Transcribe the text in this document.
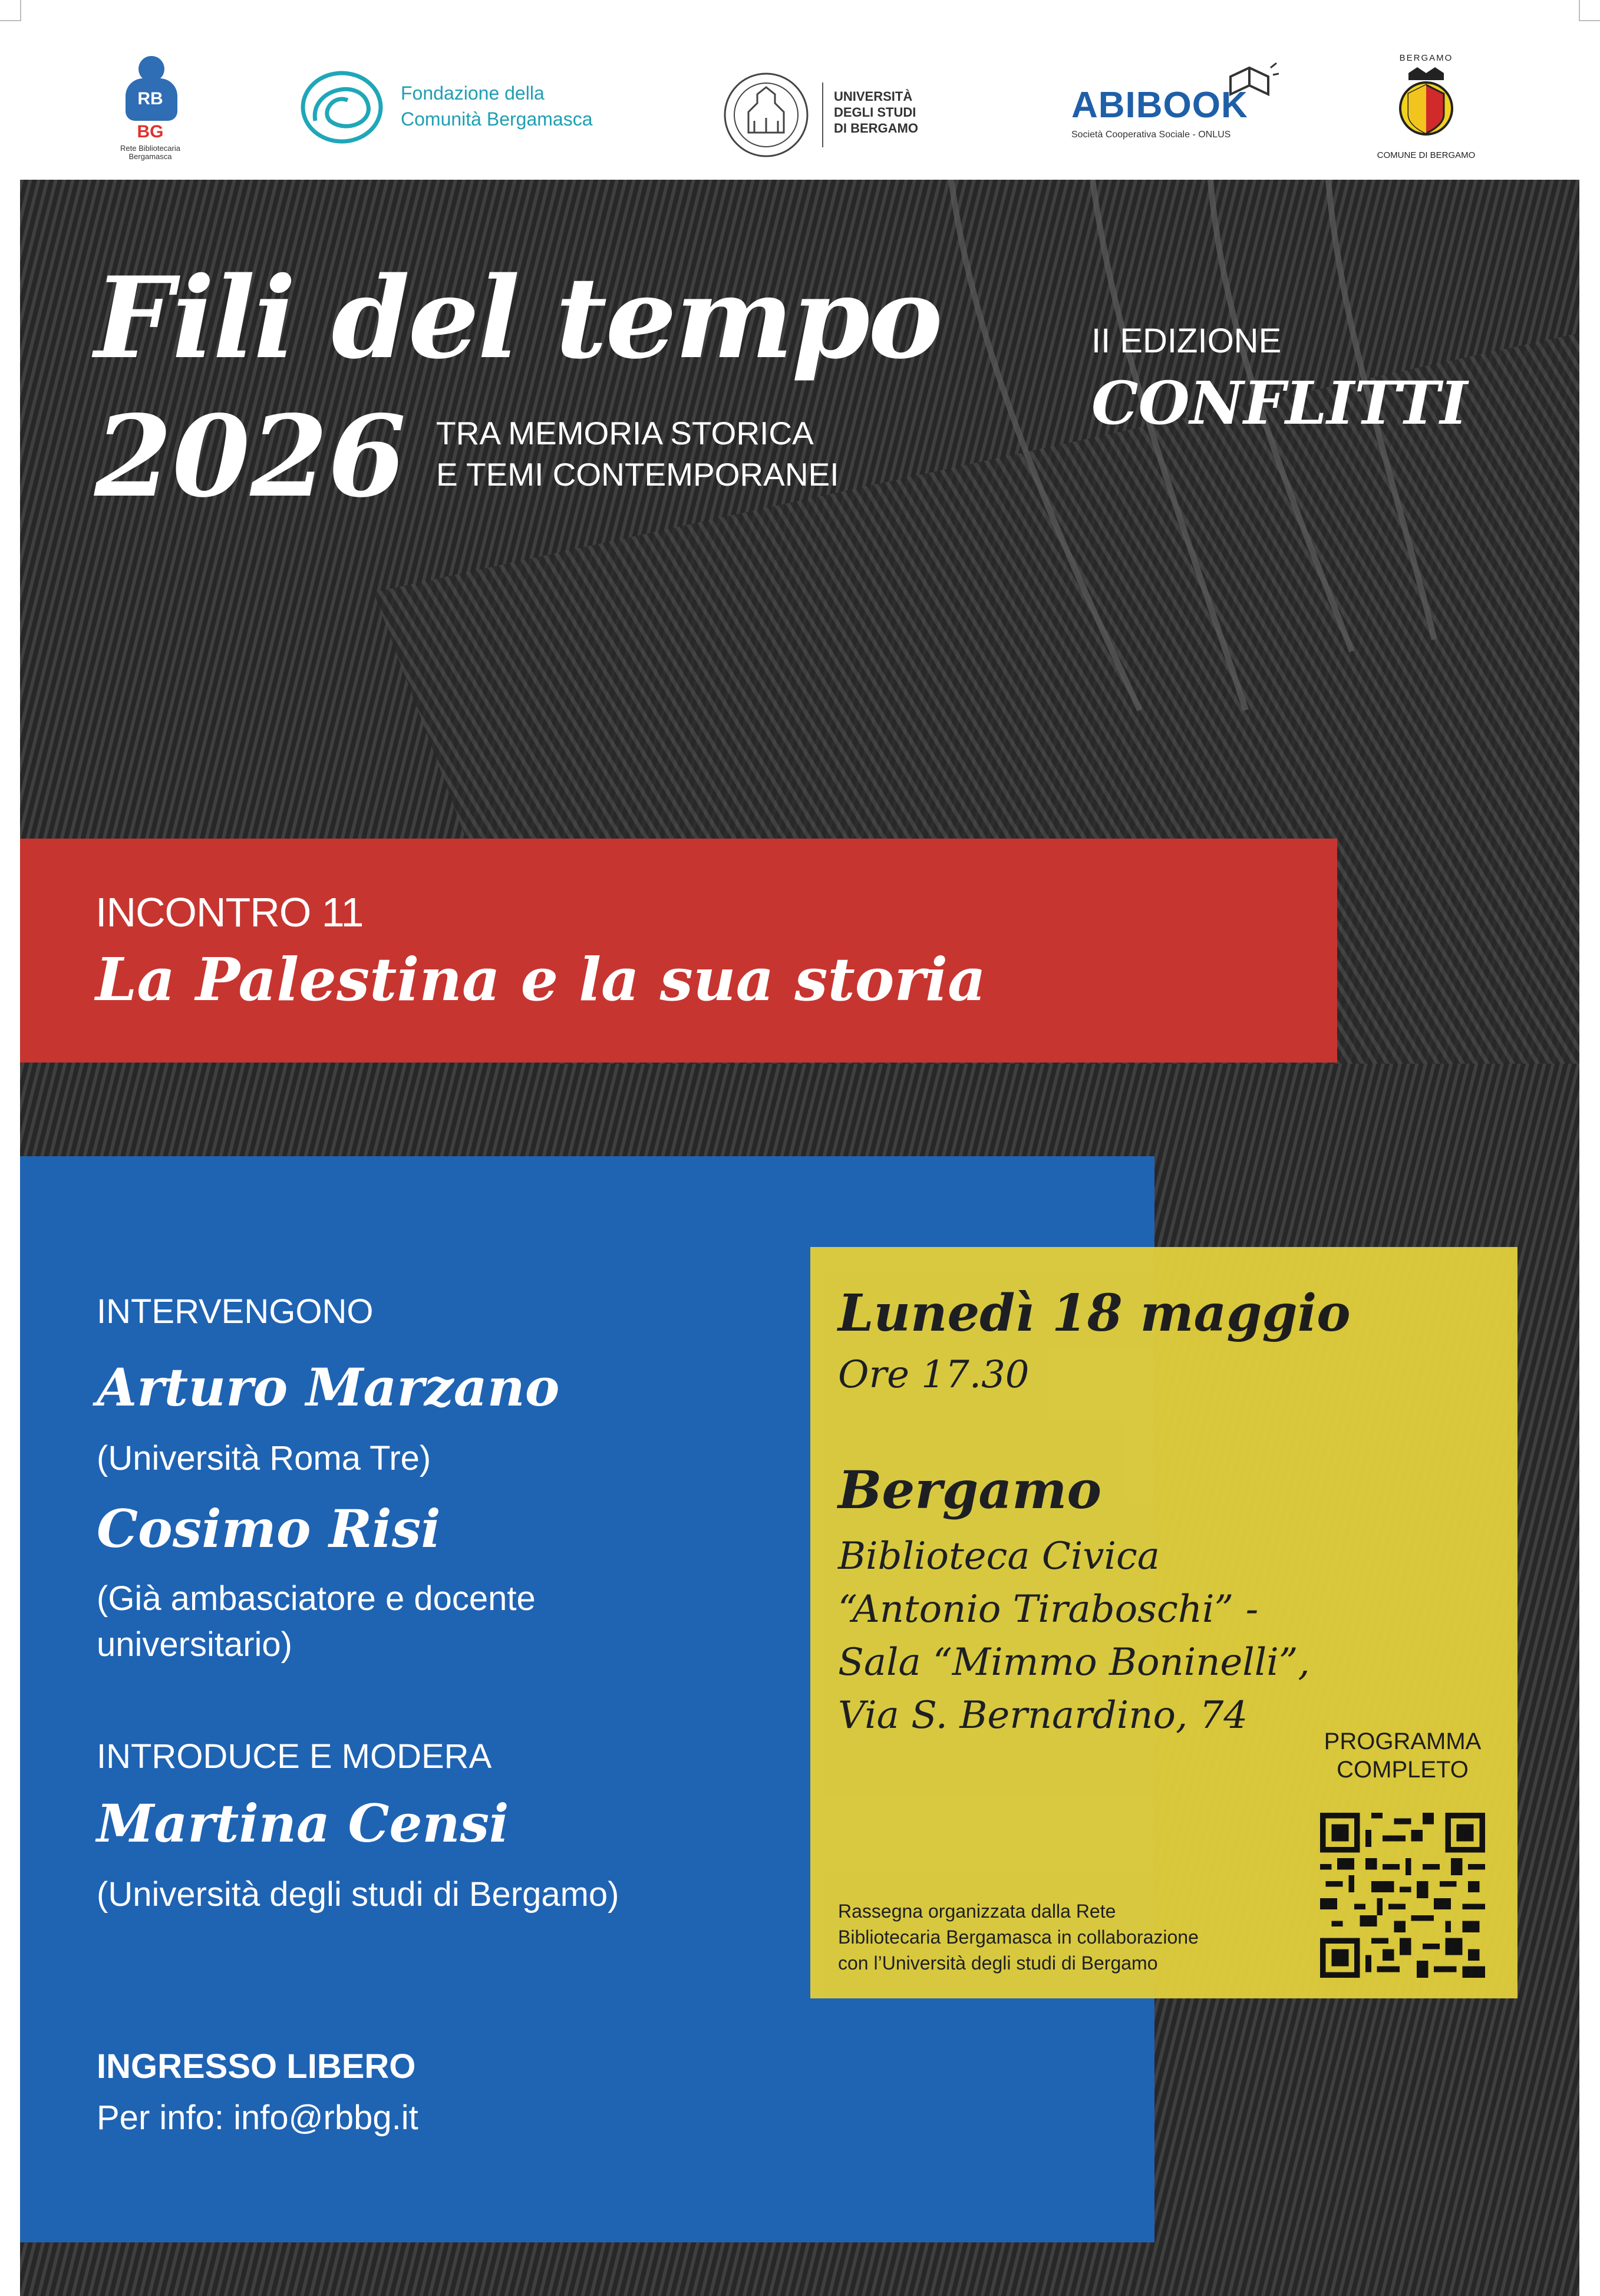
RB
BG
Rete Bibliotecaria Bergamasca
Fondazione della
Comunità Bergamasca
UNIVERSITÀ
DEGLI STUDI
DI BERGAMO
ABIBOOK
Società Cooperativa Sociale - ONLUS
BERGAMO
COMUNE DI BERGAMO
Fili del tempo
2026 TRA MEMORIA STORICA
E TEMI CONTEMPORANEI
II EDIZIONE
CONFLITTI
INCONTRO 11
La Palestina e la sua storia
INTERVENGONO
Arturo Marzano
(Università Roma Tre)
Cosimo Risi
(Già ambasciatore e docente universitario)
INTRODUCE E MODERA
Martina Censi
(Università degli studi di Bergamo)
INGRESSO LIBERO
Per info: info@rbbg.it
Lunedì 18 maggio
Ore 17.30
Bergamo
Biblioteca Civica
“Antonio Tiraboschi” -
Sala “Mimmo Boninelli”,
Via S. Bernardino, 74
PROGRAMMA
COMPLETO
Rassegna organizzata dalla Rete
Bibliotecaria Bergamasca in collaborazione
con l’Università degli studi di Bergamo
